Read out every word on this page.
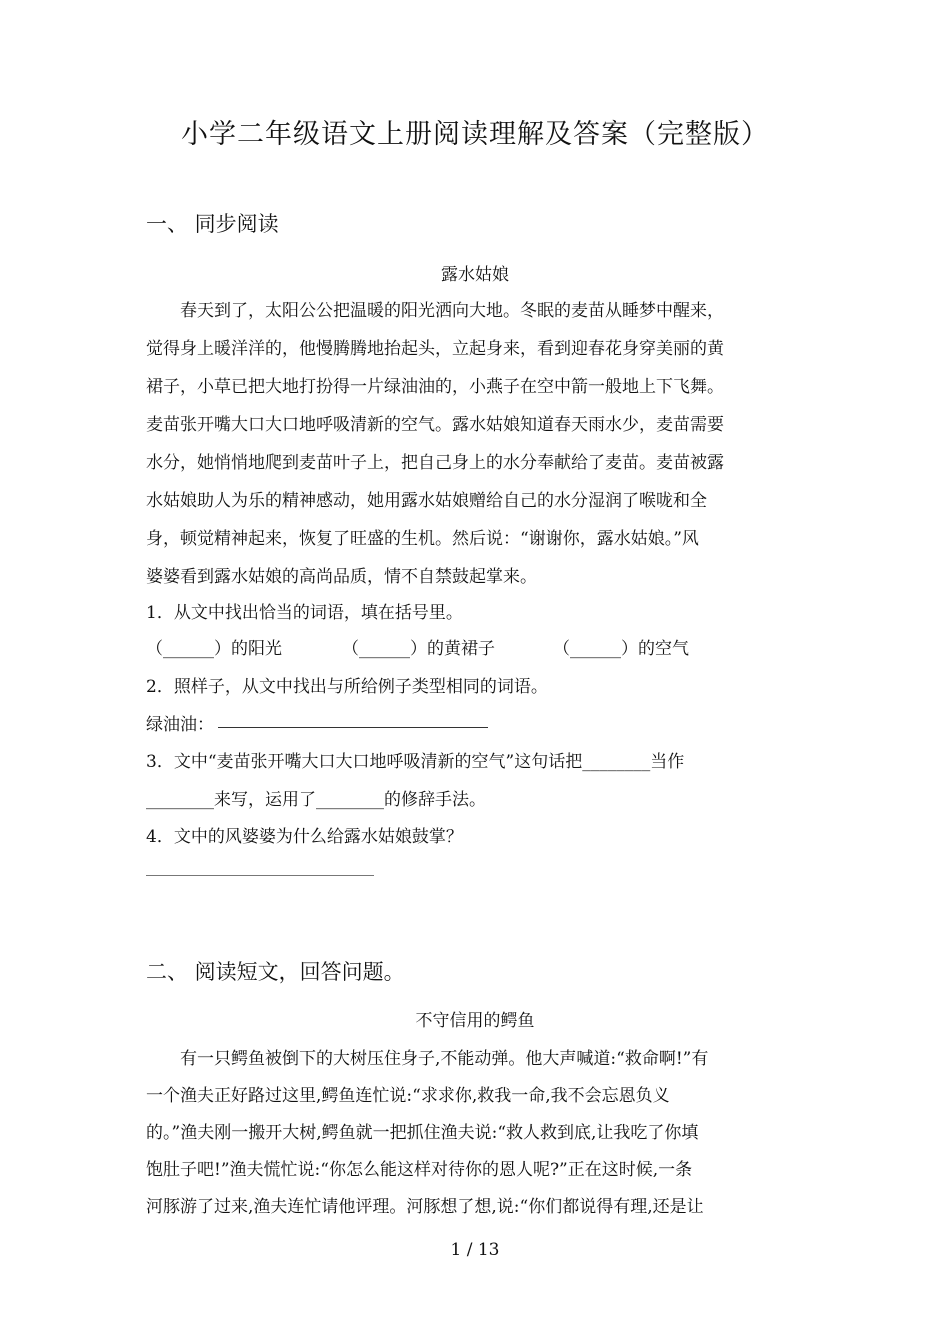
小学二年级语文上册阅读理解及答案（完整版）
一、 同步阅读
露水姑娘
春天到了，太阳公公把温暖的阳光洒向大地。冬眠的麦苗从睡梦中醒来，
觉得身上暖洋洋的，他慢腾腾地抬起头，立起身来，看到迎春花身穿美丽的黄
裙子，小草已把大地打扮得一片绿油油的，小燕子在空中箭一般地上下飞舞。
麦苗张开嘴大口大口地呼吸清新的空气。露水姑娘知道春天雨水少，麦苗需要
水分，她悄悄地爬到麦苗叶子上，把自己身上的水分奉献给了麦苗。麦苗被露
水姑娘助人为乐的精神感动，她用露水姑娘赠给自己的水分湿润了喉咙和全
身，顿觉精神起来，恢复了旺盛的生机。然后说：“谢谢你，露水姑娘。”风
婆婆看到露水姑娘的高尚品质，情不自禁鼓起掌来。
1．从文中找出恰当的词语，填在括号里。
（______）的阳光	（______）的黄裙子	（______）的空气
2．照样子，从文中找出与所给例子类型相同的词语。
绿油油：
3．文中“麦苗张开嘴大口大口地呼吸清新的空气”这句话把________当作
________来写，运用了________的修辞手法。
4．文中的风婆婆为什么给露水姑娘鼓掌？
二、 阅读短文，回答问题。
不守信用的鳄鱼
有一只鳄鱼被倒下的大树压住身子,不能动弹。他大声喊道:“救命啊!”有
一个渔夫正好路过这里,鳄鱼连忙说:“求求你,救我一命,我不会忘恩负义
的。”渔夫刚一搬开大树,鳄鱼就一把抓住渔夫说:“救人救到底,让我吃了你填
饱肚子吧!”渔夫慌忙说:“你怎么能这样对待你的恩人呢?”正在这时候,一条
河豚游了过来,渔夫连忙请他评理。河豚想了想,说:“你们都说得有理,还是让
1 / 13
